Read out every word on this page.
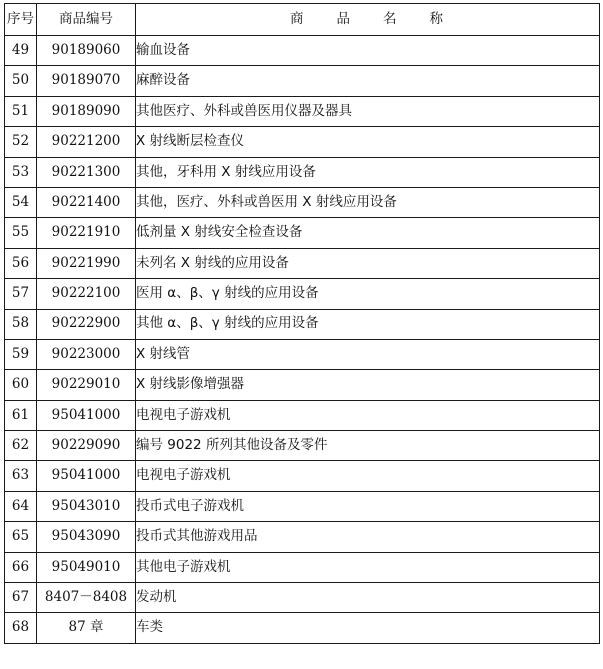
序号	商品编号	商　　品　　名　　称
49	90189060	输血设备
50	90189070	麻醉设备
51	90189090	其他医疗、外科或兽医用仪器及器具
52	90221200	X 射线断层检查仪
53	90221300	其他，牙科用 X 射线应用设备
54	90221400	其他，医疗、外科或兽医用 X 射线应用设备
55	90221910	低剂量 X 射线安全检查设备
56	90221990	未列名 X 射线的应用设备
57	90222100	医用 α、β、γ 射线的应用设备
58	90222900	其他 α、β、γ 射线的应用设备
59	90223000	X 射线管
60	90229010	X 射线影像增强器
61	95041000	电视电子游戏机
62	90229090	编号 9022 所列其他设备及零件
63	95041000	电视电子游戏机
64	95043010	投币式电子游戏机
65	95043090	投币式其他游戏用品
66	95049010	其他电子游戏机
67	8407－8408	发动机
68	87 章	车类
